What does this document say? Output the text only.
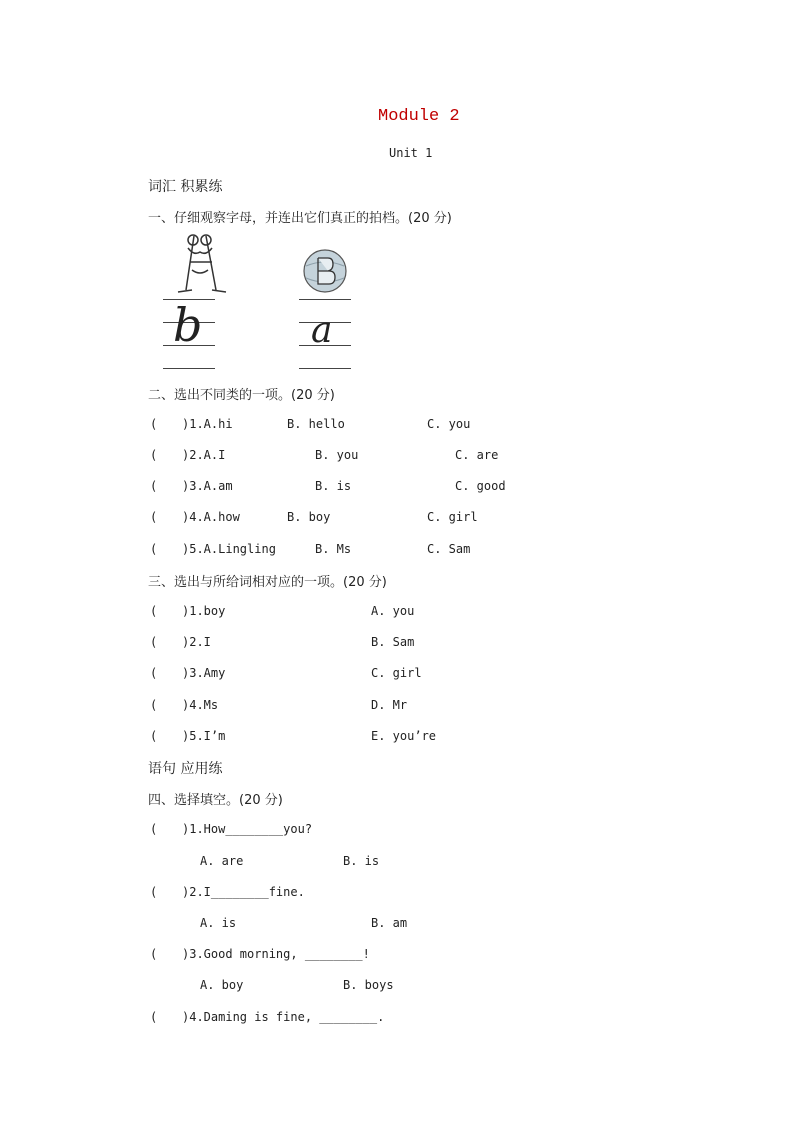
Module 2
Unit 1
词汇 积累练
一、仔细观察字母，并连出它们真正的拍档。(20 分)
b	a
二、选出不同类的一项。(20 分)
( )1.A.hi	B. hello	C. you
( )2.A.I	B. you	C. are
( )3.A.am	B. is	C. good
( )4.A.how	B. boy	C. girl
( )5.A.Lingling	B. Ms	C. Sam
三、选出与所给词相对应的一项。(20 分)
( )1.boy	A. you
( )2.I	B. Sam
( )3.Amy	C. girl
( )4.Ms	D. Mr
( )5.I’m	E. you’re
语句 应用练
四、选择填空。(20 分)
( )1.How________you?
A. are	B. is
( )2.I________fine.
A. is	B. am
( )3.Good morning, ________!
A. boy	B. boys
( )4.Daming is fine, ________.
